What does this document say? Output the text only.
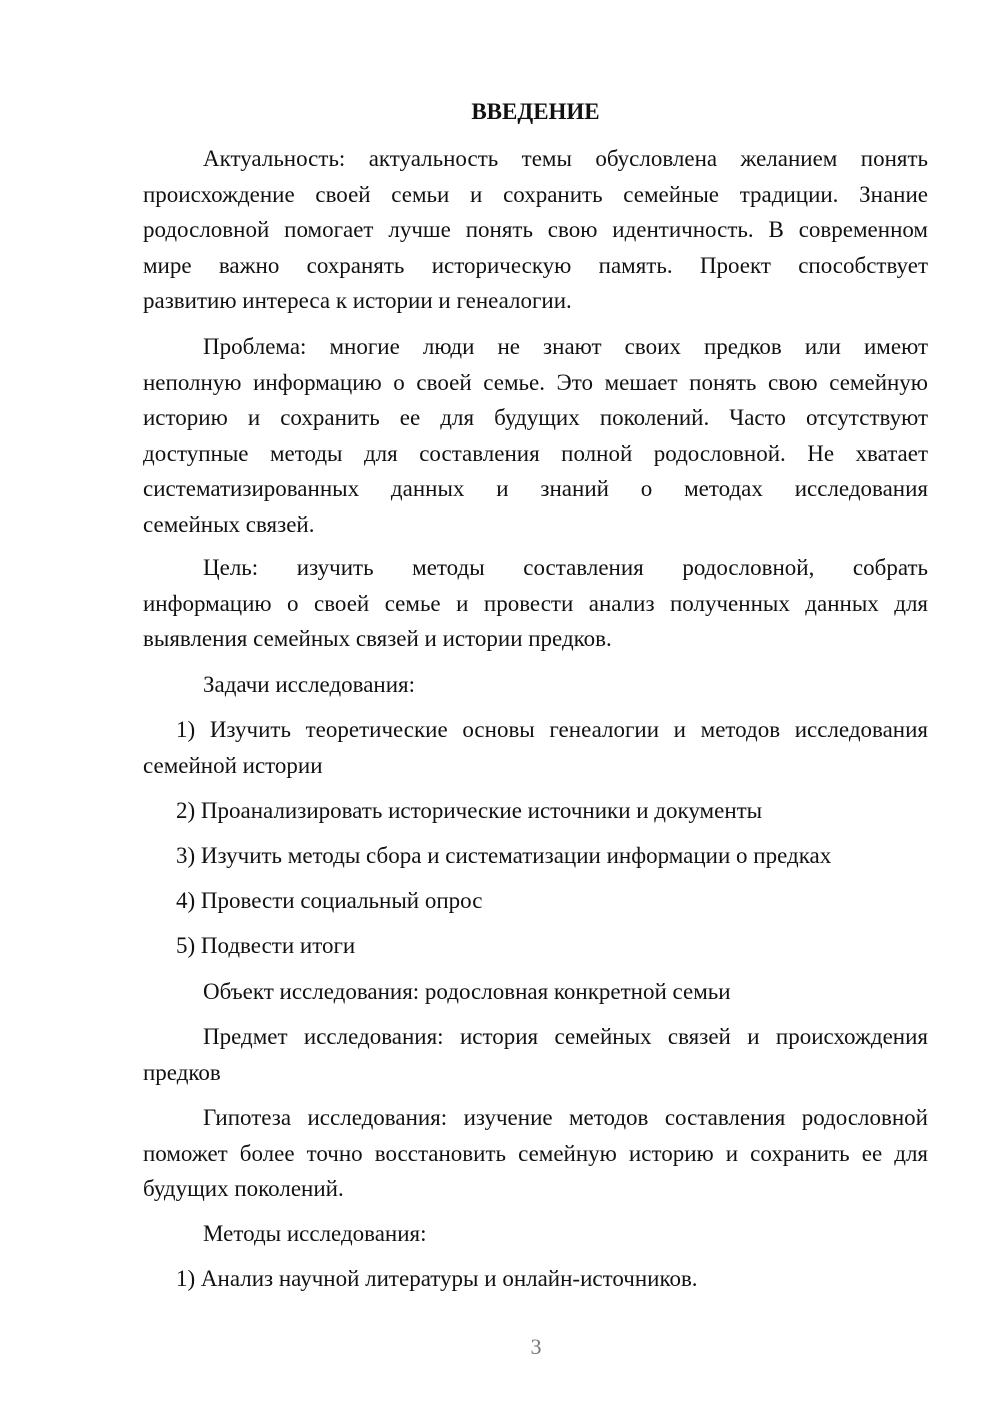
ВВЕДЕНИЕ
Актуальность: актуальность темы обусловлена желанием понять
происхождение своей семьи и сохранить семейные традиции. Знание
родословной помогает лучше понять свою идентичность. В современном
мире важно сохранять историческую память. Проект способствует
развитию интереса к истории и генеалогии.
Проблема: многие люди не знают своих предков или имеют
неполную информацию о своей семье. Это мешает понять свою семейную
историю и сохранить ее для будущих поколений. Часто отсутствуют
доступные методы для составления полной родословной. Не хватает
систематизированных данных и знаний о методах исследования
семейных связей.
Цель: изучить методы составления родословной, собрать
информацию о своей семье и провести анализ полученных данных для
выявления семейных связей и истории предков.
Задачи исследования:
1) Изучить теоретические основы генеалогии и методов исследования
семейной истории
2) Проанализировать исторические источники и документы
3) Изучить методы сбора и систематизации информации о предках
4) Провести социальный опрос
5) Подвести итоги
Объект исследования: родословная конкретной семьи
Предмет исследования: история семейных связей и происхождения
предков
Гипотеза исследования: изучение методов составления родословной
поможет более точно восстановить семейную историю и сохранить ее для
будущих поколений.
Методы исследования:
1) Анализ научной литературы и онлайн-источников.
3
